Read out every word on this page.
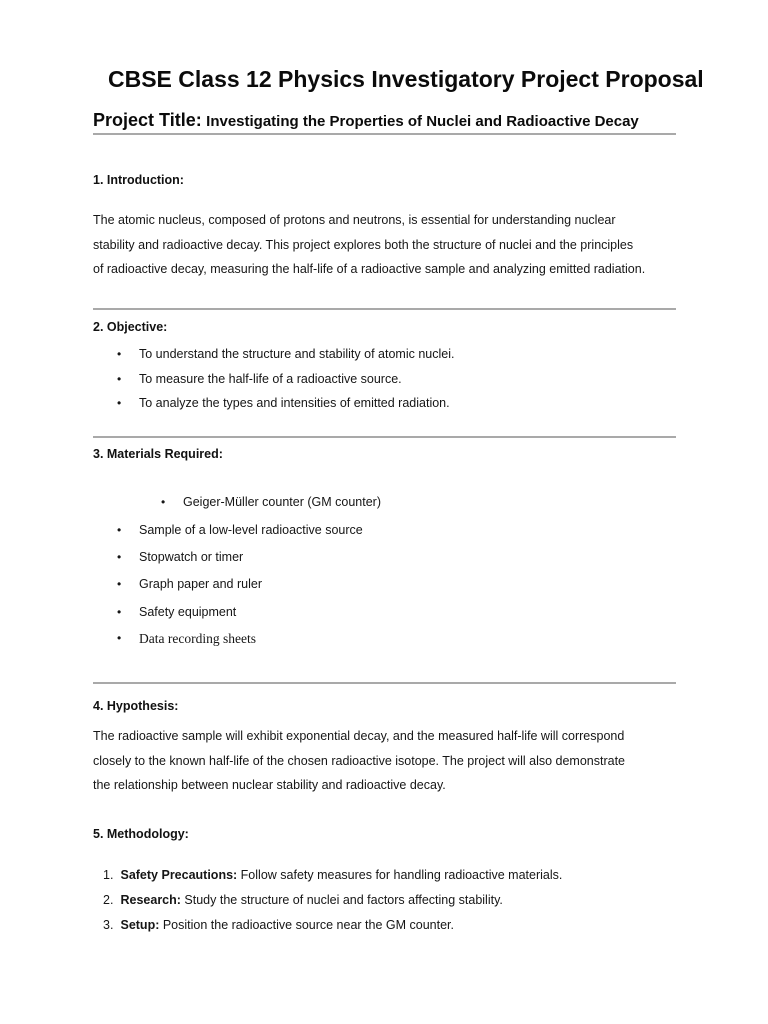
CBSE Class 12 Physics Investigatory Project Proposal
Project Title: Investigating the Properties of Nuclei and Radioactive Decay
1. Introduction:
The atomic nucleus, composed of protons and neutrons, is essential for understanding nuclear
stability and radioactive decay. This project explores both the structure of nuclei and the principles
of radioactive decay, measuring the half-life of a radioactive sample and analyzing emitted radiation.
2. Objective:
• To understand the structure and stability of atomic nuclei.
• To measure the half-life of a radioactive source.
• To analyze the types and intensities of emitted radiation.
3. Materials Required:
• Geiger-Müller counter (GM counter)
• Sample of a low-level radioactive source
• Stopwatch or timer
• Graph paper and ruler
• Safety equipment
• Data recording sheets
4. Hypothesis:
The radioactive sample will exhibit exponential decay, and the measured half-life will correspond
closely to the known half-life of the chosen radioactive isotope. The project will also demonstrate
the relationship between nuclear stability and radioactive decay.
5. Methodology:
1. Safety Precautions: Follow safety measures for handling radioactive materials.
2. Research: Study the structure of nuclei and factors affecting stability.
3. Setup: Position the radioactive source near the GM counter.
